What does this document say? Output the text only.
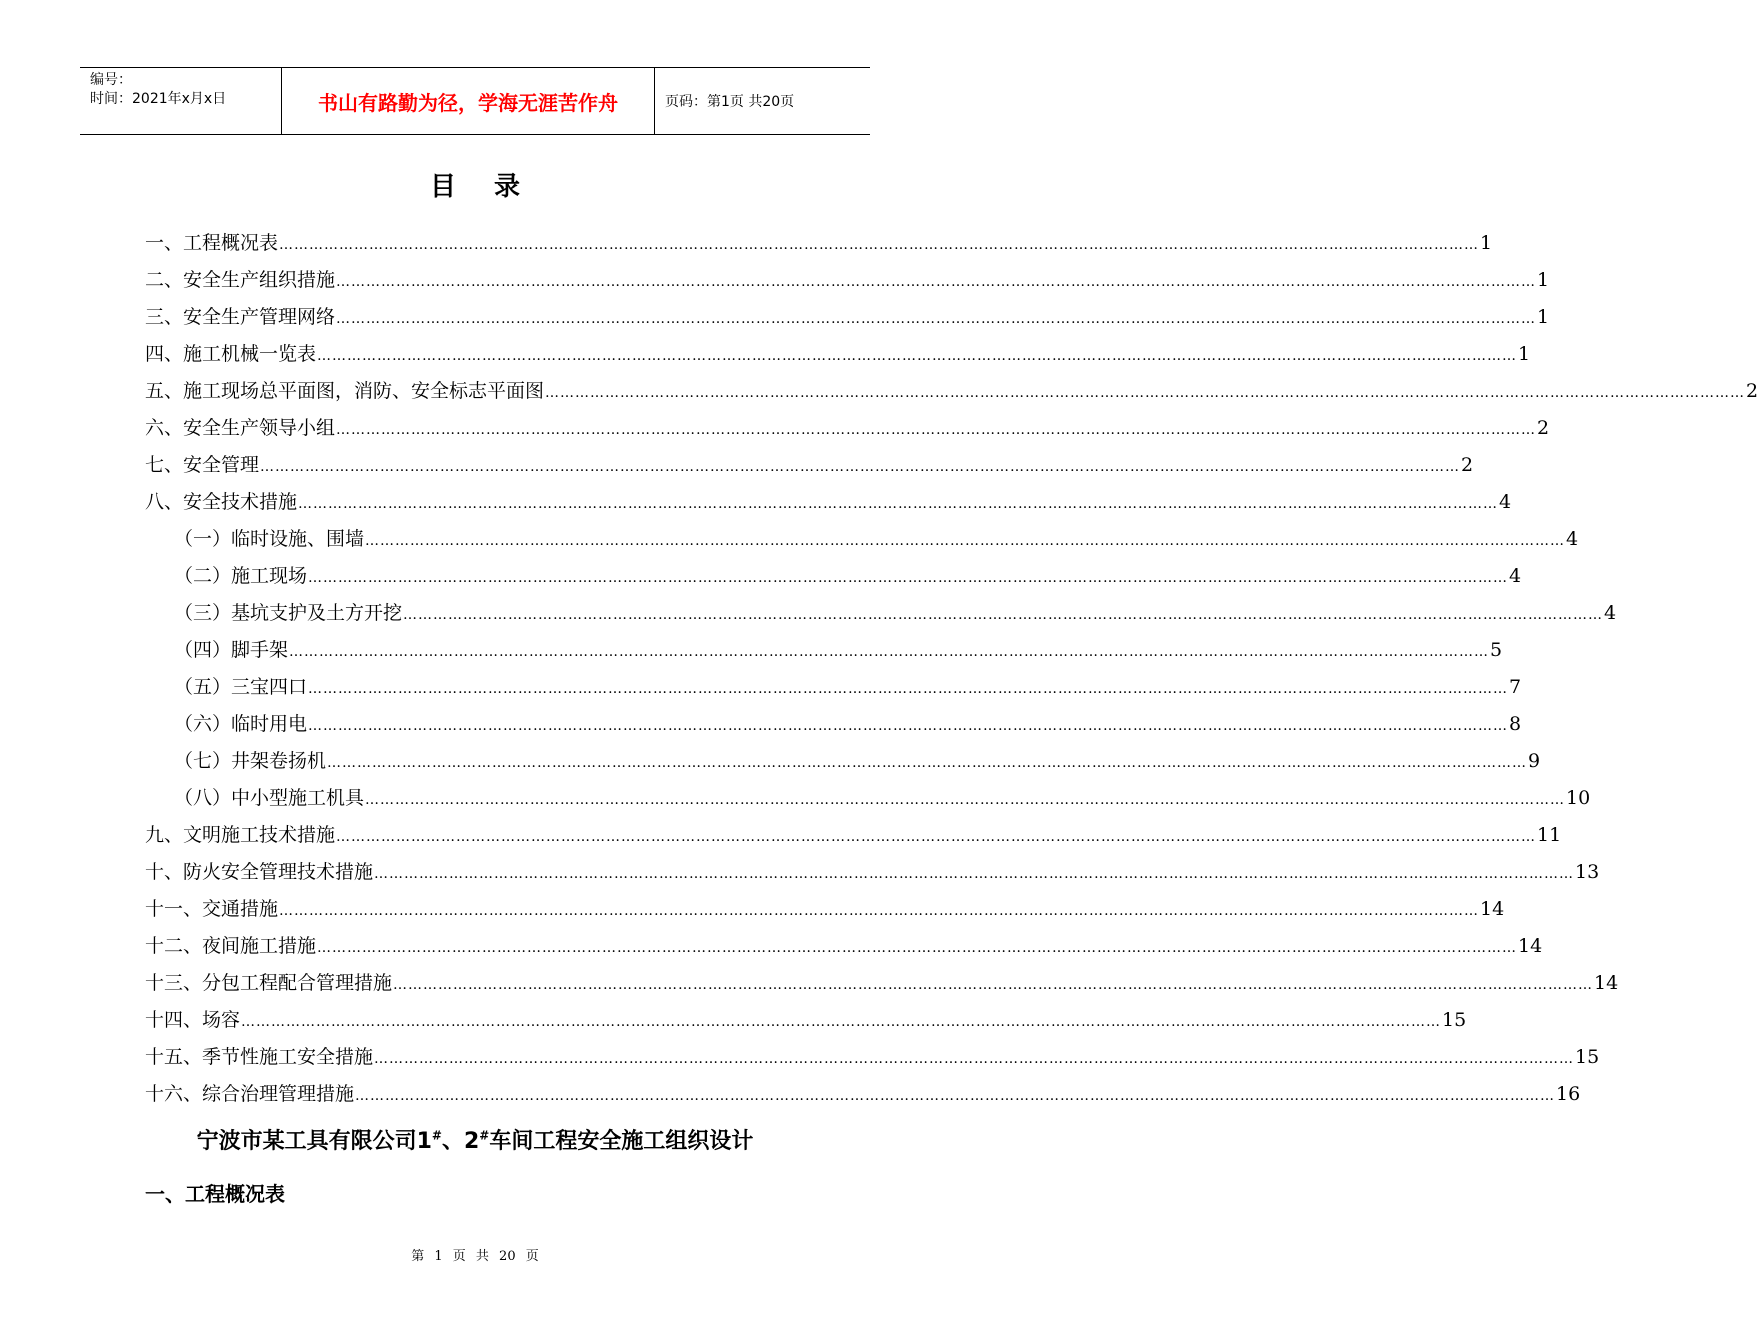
编号：
时间：2021年x月x日	书山有路勤为径，学海无涯苦作舟	页码：第1页 共20页
目录
一、工程概况表 …………………………………………………………………………………………………………………………………………………………………………………………………………………… 1
二、安全生产组织措施 …………………………………………………………………………………………………………………………………………………………………………………………………………………… 1
三、安全生产管理网络 …………………………………………………………………………………………………………………………………………………………………………………………………………………… 1
四、施工机械一览表 …………………………………………………………………………………………………………………………………………………………………………………………………………………… 1
五、施工现场总平面图，消防、安全标志平面图 …………………………………………………………………………………………………………………………………………………………………………………………………………………… 2
六、安全生产领导小组 …………………………………………………………………………………………………………………………………………………………………………………………………………………… 2
七、安全管理 …………………………………………………………………………………………………………………………………………………………………………………………………………………… 2
八、安全技术措施 …………………………………………………………………………………………………………………………………………………………………………………………………………………… 4
（一）临时设施、围墙 …………………………………………………………………………………………………………………………………………………………………………………………………………………… 4
（二）施工现场 …………………………………………………………………………………………………………………………………………………………………………………………………………………… 4
（三）基坑支护及土方开挖 …………………………………………………………………………………………………………………………………………………………………………………………………………………… 4
（四）脚手架 …………………………………………………………………………………………………………………………………………………………………………………………………………………… 5
（五）三宝四口 …………………………………………………………………………………………………………………………………………………………………………………………………………………… 7
（六）临时用电 …………………………………………………………………………………………………………………………………………………………………………………………………………………… 8
（七）井架卷扬机 …………………………………………………………………………………………………………………………………………………………………………………………………………………… 9
（八）中小型施工机具 …………………………………………………………………………………………………………………………………………………………………………………………………………………… 10
九、文明施工技术措施 …………………………………………………………………………………………………………………………………………………………………………………………………………………… 11
十、防火安全管理技术措施 …………………………………………………………………………………………………………………………………………………………………………………………………………………… 13
十一、交通措施 …………………………………………………………………………………………………………………………………………………………………………………………………………………… 14
十二、夜间施工措施 …………………………………………………………………………………………………………………………………………………………………………………………………………………… 14
十三、分包工程配合管理措施 …………………………………………………………………………………………………………………………………………………………………………………………………………………… 14
十四、场容 …………………………………………………………………………………………………………………………………………………………………………………………………………………… 15
十五、季节性施工安全措施 …………………………………………………………………………………………………………………………………………………………………………………………………………………… 15
十六、综合治理管理措施 …………………………………………………………………………………………………………………………………………………………………………………………………………………… 16
宁波市某工具有限公司1#、2#车间工程安全施工组织设计
一、工程概况表
第 1 页 共 20 页
